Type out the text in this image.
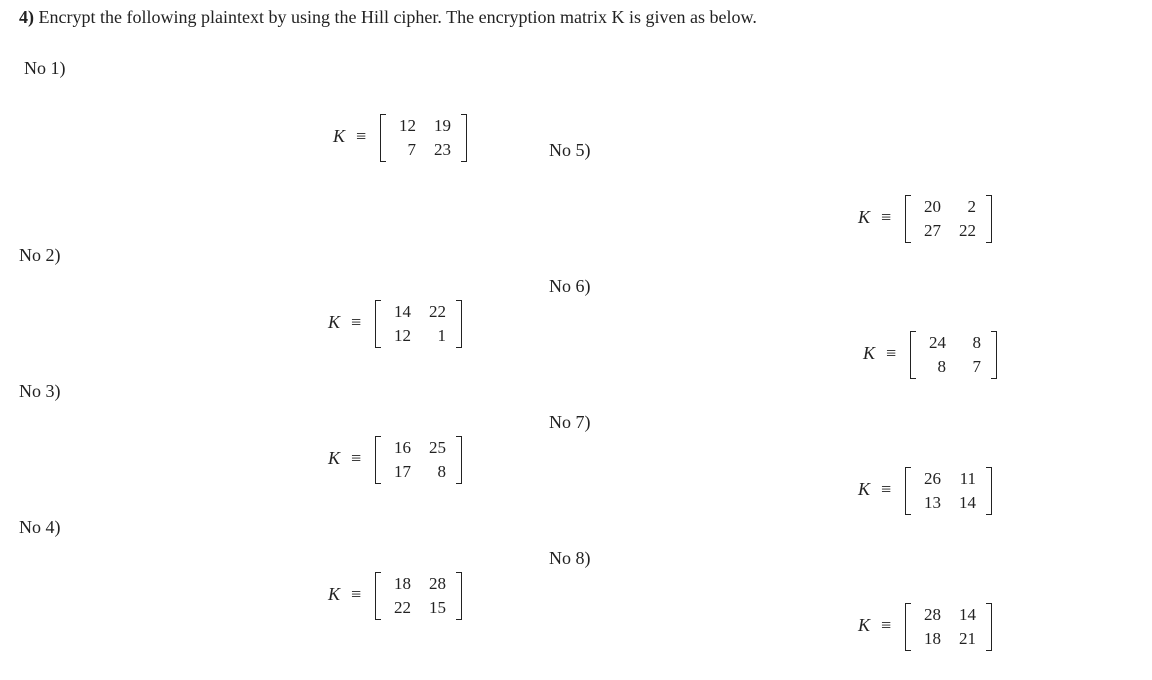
4) Encrypt the following plaintext by using the Hill cipher. The encryption matrix K is given as below.
No 1)
K ≡
12	19
7	23
No 2)
K ≡
14	22
12	1
No 3)
K ≡
16	25
17	8
No 4)
K ≡
18	28
22	15
No 5)
K ≡
20	2
27	22
No 6)
K ≡
24	8
8	7
No 7)
K ≡
26	11
13	14
No 8)
K ≡
28	14
18	21
